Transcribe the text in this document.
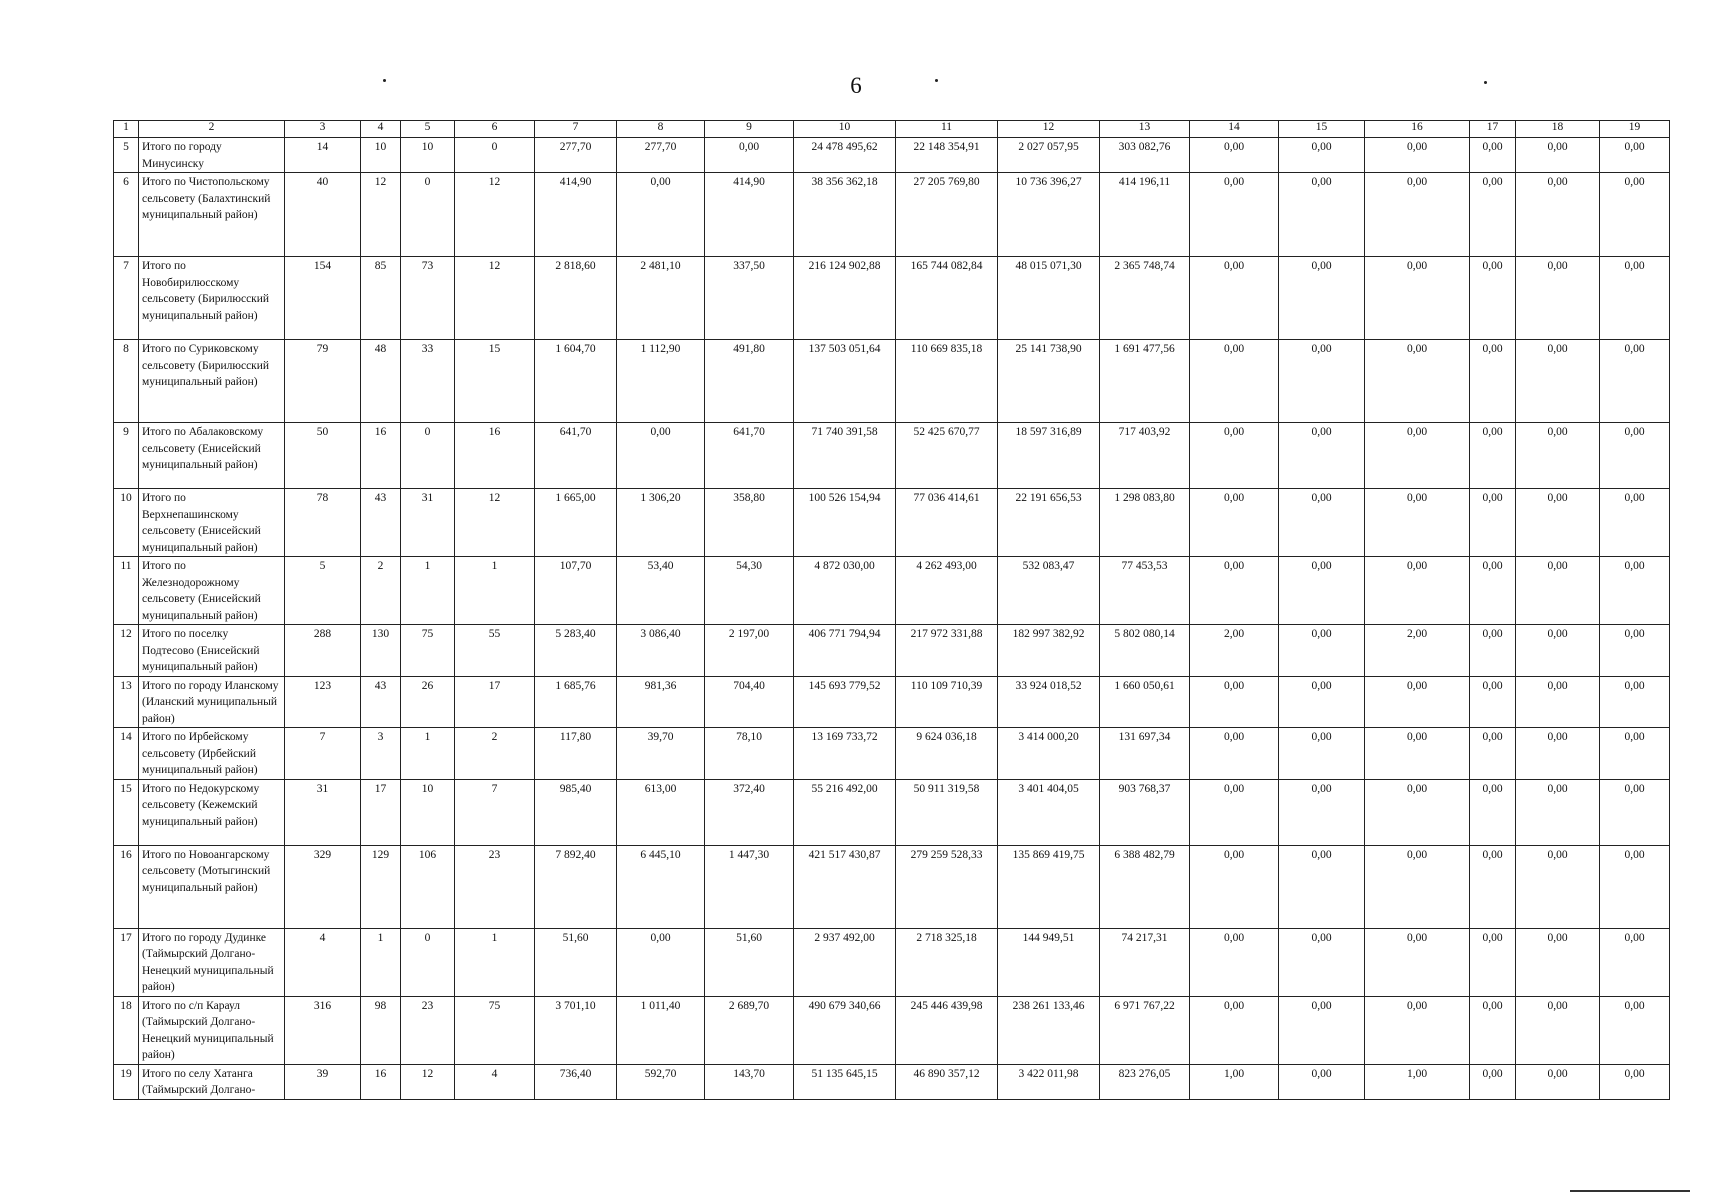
6
1	2	3	4	5	6	7	8	9	10	11	12	13	14	15	16	17	18	19
5	Итого по городу Минусинску	14	10	10	0	277,70	277,70	0,00	24 478 495,62	22 148 354,91	2 027 057,95	303 082,76	0,00	0,00	0,00	0,00	0,00	0,00
6	Итого по Чистопольскому сельсовету (Балахтинский муниципальный район)	40	12	0	12	414,90	0,00	414,90	38 356 362,18	27 205 769,80	10 736 396,27	414 196,11	0,00	0,00	0,00	0,00	0,00	0,00
7	Итого по Новобирилюсскому сельсовету (Бирилюсский муниципальный район)	154	85	73	12	2 818,60	2 481,10	337,50	216 124 902,88	165 744 082,84	48 015 071,30	2 365 748,74	0,00	0,00	0,00	0,00	0,00	0,00
8	Итого по Суриковскому сельсовету (Бирилюсский муниципальный район)	79	48	33	15	1 604,70	1 112,90	491,80	137 503 051,64	110 669 835,18	25 141 738,90	1 691 477,56	0,00	0,00	0,00	0,00	0,00	0,00
9	Итого по Абалаковскому сельсовету (Енисейский муниципальный район)	50	16	0	16	641,70	0,00	641,70	71 740 391,58	52 425 670,77	18 597 316,89	717 403,92	0,00	0,00	0,00	0,00	0,00	0,00
10	Итого по Верхнепашинскому сельсовету (Енисейский муниципальный район)	78	43	31	12	1 665,00	1 306,20	358,80	100 526 154,94	77 036 414,61	22 191 656,53	1 298 083,80	0,00	0,00	0,00	0,00	0,00	0,00
11	Итого по Железнодорожному сельсовету (Енисейский муниципальный район)	5	2	1	1	107,70	53,40	54,30	4 872 030,00	4 262 493,00	532 083,47	77 453,53	0,00	0,00	0,00	0,00	0,00	0,00
12	Итого по поселку Подтесово (Енисейский муниципальный район)	288	130	75	55	5 283,40	3 086,40	2 197,00	406 771 794,94	217 972 331,88	182 997 382,92	5 802 080,14	2,00	0,00	2,00	0,00	0,00	0,00
13	Итого по городу Иланскому (Иланский муниципальный район)	123	43	26	17	1 685,76	981,36	704,40	145 693 779,52	110 109 710,39	33 924 018,52	1 660 050,61	0,00	0,00	0,00	0,00	0,00	0,00
14	Итого по Ирбейскому сельсовету (Ирбейский муниципальный район)	7	3	1	2	117,80	39,70	78,10	13 169 733,72	9 624 036,18	3 414 000,20	131 697,34	0,00	0,00	0,00	0,00	0,00	0,00
15	Итого по Недокурскому сельсовету (Кежемский муниципальный район)	31	17	10	7	985,40	613,00	372,40	55 216 492,00	50 911 319,58	3 401 404,05	903 768,37	0,00	0,00	0,00	0,00	0,00	0,00
16	Итого по Новоангарскому сельсовету (Мотыгинский муниципальный район)	329	129	106	23	7 892,40	6 445,10	1 447,30	421 517 430,87	279 259 528,33	135 869 419,75	6 388 482,79	0,00	0,00	0,00	0,00	0,00	0,00
17	Итого по городу Дудинке (Таймырский Долгано-Ненецкий муниципальный район)	4	1	0	1	51,60	0,00	51,60	2 937 492,00	2 718 325,18	144 949,51	74 217,31	0,00	0,00	0,00	0,00	0,00	0,00
18	Итого по с/п Караул (Таймырский Долгано-Ненецкий муниципальный район)	316	98	23	75	3 701,10	1 011,40	2 689,70	490 679 340,66	245 446 439,98	238 261 133,46	6 971 767,22	0,00	0,00	0,00	0,00	0,00	0,00
19	Итого по селу Хатанга (Таймырский Долгано-	39	16	12	4	736,40	592,70	143,70	51 135 645,15	46 890 357,12	3 422 011,98	823 276,05	1,00	0,00	1,00	0,00	0,00	0,00
